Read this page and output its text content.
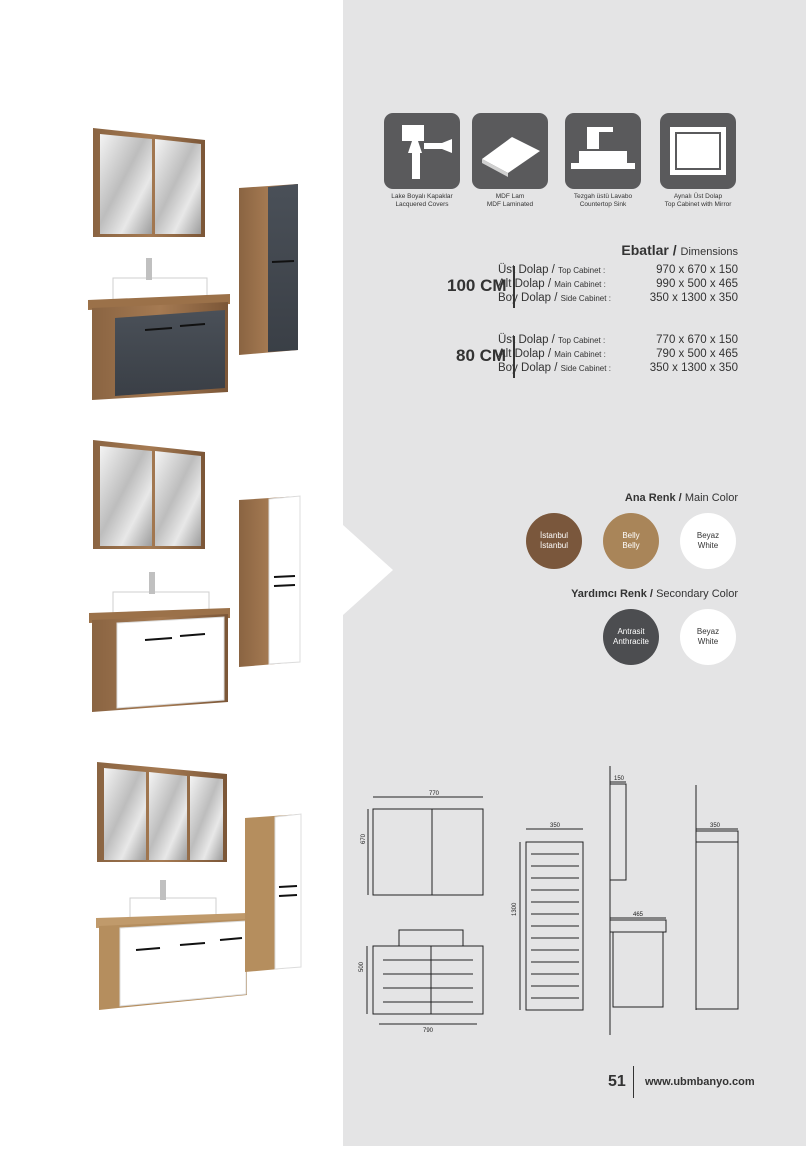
Lake Boyalı Kapaklar
Lacquered Covers
MDF Lam
MDF Laminated
Tezgah üstü Lavabo
Countertop Sink
Aynalı Üst Dolap
Top Cabinet with Mirror
Ebatlar / Dimensions
100 CM
Üst Dolap / Top Cabinet :	970 x 670 x 150
Alt Dolap / Main Cabinet :	990 x 500 x 465
Boy Dolap / Side Cabinet :	350 x 1300 x 350
80 CM
Üst Dolap / Top Cabinet :	770 x 670 x 150
Alt Dolap / Main Cabinet :	790 x 500 x 465
Boy Dolap / Side Cabinet :	350 x 1300 x 350
Ana Renk / Main Color
İstanbul
İstanbul
Belly
Belly
Beyaz
White
Yardımcı Renk / Secondary Color
Antrasit
Anthracite
Beyaz
White
770
670
500
790
350
1300
150
465
350
51 www.ubmbanyo.com
